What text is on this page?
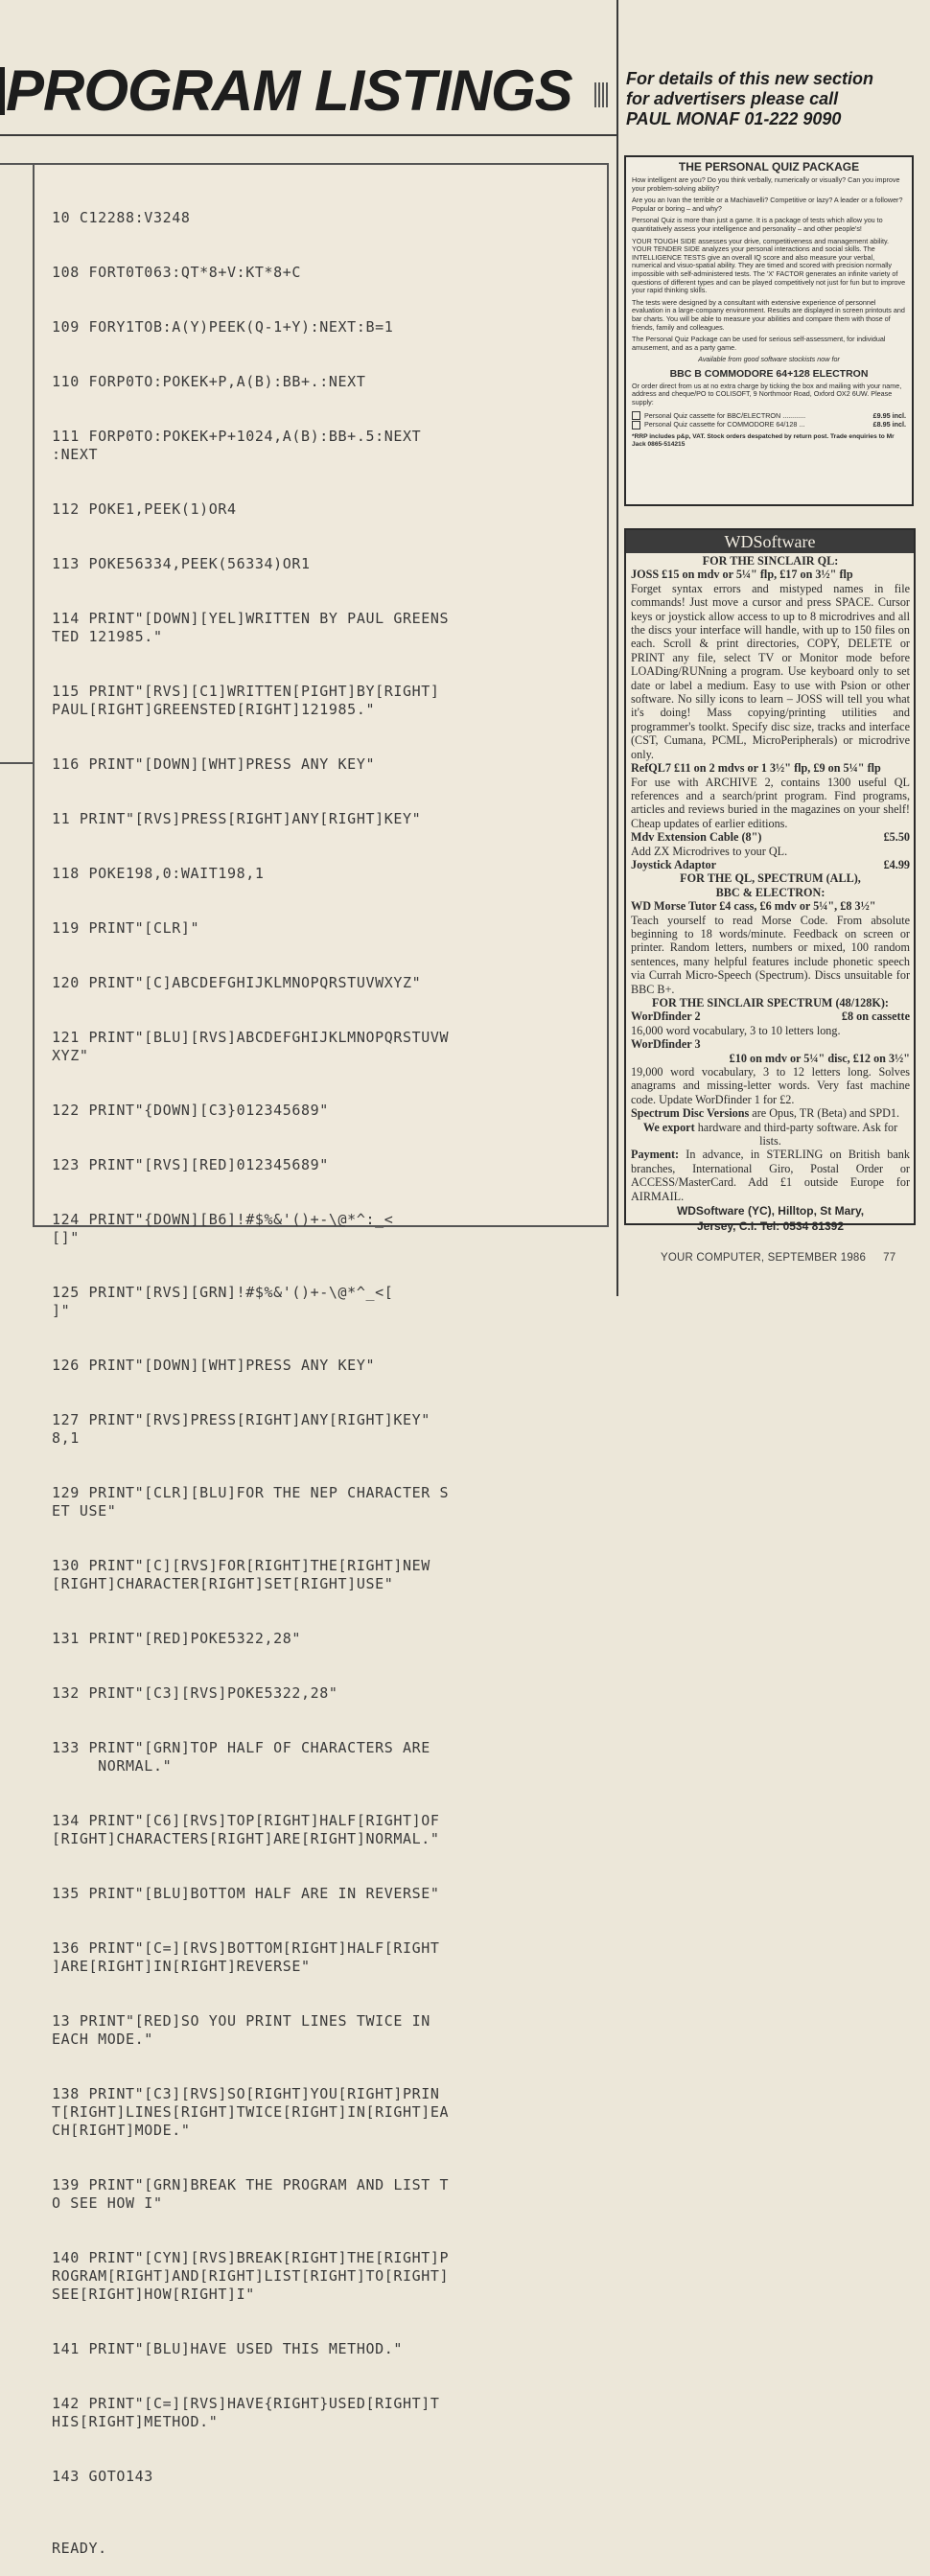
PROGRAM LISTINGS	For details of this new section
for advertisers please call
PAUL MONAF 01-222 9090

10 C12288:V3248

108 FORT0T063:QT*8+V:KT*8+C

109 FORY1TOB:A(Y)PEEK(Q-1+Y):NEXT:B=1

110 FORP0TO:POKEK+P,A(B):BB+.:NEXT

111 FORP0TO:POKEK+P+1024,A(B):BB+.5:NEXT
:NEXT

112 POKE1,PEEK(1)OR4

113 POKE56334,PEEK(56334)OR1

114 PRINT"[DOWN][YEL]WRITTEN BY PAUL GREENS
TED 121985."

115 PRINT"[RVS][C1]WRITTEN[PIGHT]BY[RIGHT]
PAUL[RIGHT]GREENSTED[RIGHT]121985."

116 PRINT"[DOWN][WHT]PRESS ANY KEY"

11 PRINT"[RVS]PRESS[RIGHT]ANY[RIGHT]KEY"

118 POKE198,0:WAIT198,1

119 PRINT"[CLR]"

120 PRINT"[C]ABCDEFGHIJKLMNOPQRSTUVWXYZ"

121 PRINT"[BLU][RVS]ABCDEFGHIJKLMNOPQRSTUVW
XYZ"

122 PRINT"{DOWN][C3}012345689"

123 PRINT"[RVS][RED]012345689"

124 PRINT"{DOWN][B6]!#$%&'()+-\@*^:_<
[]"

125 PRINT"[RVS][GRN]!#$%&'()+-\@*^_<[
]"

126 PRINT"[DOWN][WHT]PRESS ANY KEY"

127 PRINT"[RVS]PRESS[RIGHT]ANY[RIGHT]KEY"
8,1

129 PRINT"[CLR][BLU]FOR THE NEP CHARACTER S
ET USE"

130 PRINT"[C][RVS]FOR[RIGHT]THE[RIGHT]NEW
[RIGHT]CHARACTER[RIGHT]SET[RIGHT]USE"

131 PRINT"[RED]POKE5322,28"

132 PRINT"[C3][RVS]POKE5322,28"

133 PRINT"[GRN]TOP HALF OF CHARACTERS ARE
NORMAL."

134 PRINT"[C6][RVS]TOP[RIGHT]HALF[RIGHT]OF
[RIGHT]CHARACTERS[RIGHT]ARE[RIGHT]NORMAL."

135 PRINT"[BLU]BOTTOM HALF ARE IN REVERSE"

136 PRINT"[C=][RVS]BOTTOM[RIGHT]HALF[RIGHT
]ARE[RIGHT]IN[RIGHT]REVERSE"

13 PRINT"[RED]SO YOU PRINT LINES TWICE IN
EACH MODE."

138 PRINT"[C3][RVS]SO[RIGHT]YOU[RIGHT]PRIN
T[RIGHT]LINES[RIGHT]TWICE[RIGHT]IN[RIGHT]EA
CH[RIGHT]MODE."

139 PRINT"[GRN]BREAK THE PROGRAM AND LIST T
O SEE HOW I"

140 PRINT"[CYN][RVS]BREAK[RIGHT]THE[RIGHT]P
ROGRAM[RIGHT]AND[RIGHT]LIST[RIGHT]TO[RIGHT]
SEE[RIGHT]HOW[RIGHT]I"

141 PRINT"[BLU]HAVE USED THIS METHOD."

142 PRINT"[C=][RVS]HAVE{RIGHT}USED[RIGHT]T
HIS[RIGHT]METHOD."

143 GOTO143

READY.

THE PERSONAL QUIZ PACKAGE

How intelligent are you? Do you think verbally, numerically or visually? Can you improve your problem-solving ability?

Are you an Ivan the terrible or a Machiavelli? Competitive or lazy? A leader or a follower? Popular or boring – and why?

Personal Quiz is more than just a game. It is a package of tests which allow you to quantitatively assess your intelligence and personality – and other people's!

YOUR TOUGH SIDE assesses your drive, competitiveness and management ability. YOUR TENDER SIDE analyzes your personal interactions and social skills. The INTELLIGENCE TESTS give an overall IQ score and also measure your verbal, numerical and visuo-spatial ability. They are timed and scored with precision normally impossible with self-administered tests. The 'X' FACTOR generates an infinite variety of questions of different types and can be played competitively not just for fun but to improve your rapid thinking skills.

The tests were designed by a consultant with extensive experience of personnel evaluation in a large-company environment. Results are displayed in screen printouts and bar charts. You will be able to measure your abilities and compare them with those of friends, family and colleagues.

The Personal Quiz Package can be used for serious self-assessment, for individual amusement, and as a party game.

Available from good software stockists now for

BBC B COMMODORE 64+128 ELECTRON

Or order direct from us at no extra charge by ticking the box and mailing with your name, address and cheque/PO to COLISOFT, 9 Northmoor Road, Oxford OX2 6UW. Please supply:

Personal Quiz cassette for BBC/ELECTRON ............	£9.95 incl.
Personal Quiz cassette for COMMODORE 64/128 ...	£8.95 incl.
*RRP includes p&p, VAT. Stock orders despatched by return post. Trade enquiries to Mr Jack 0865-514215
WDSoftware
FOR THE SINCLAIR QL:
JOSS £15 on mdv or 5¼" flp, £17 on 3½" flp
Forget syntax errors and mistyped names in file commands! Just move a cursor and press SPACE. Cursor keys or joystick allow access to up to 8 microdrives and all the discs your interface will handle, with up to 150 files on each. Scroll & print directories, COPY, DELETE or PRINT any file, select TV or Monitor mode before LOADing/RUNning a program. Use keyboard only to set date or label a medium. Easy to use with Psion or other software. No silly icons to learn – JOSS will tell you what it's doing! Mass copying/printing utilities and programmer's toolkt. Specify disc size, tracks and interface (CST, Cumana, PCML, MicroPeripherals) or microdrive only.
RefQL7 £11 on 2 mdvs or 1 3½" flp, £9 on 5¼" flp
For use with ARCHIVE 2, contains 1300 useful QL references and a search/print program. Find programs, articles and reviews buried in the magazines on your shelf! Cheap updates of earlier editions.
Mdv Extension Cable (8")	£5.50
Add ZX Microdrives to your QL.
Joystick Adaptor	£4.99
FOR THE QL, SPECTRUM (ALL),
BBC & ELECTRON:
WD Morse Tutor £4 cass, £6 mdv or 5¼", £8 3½"
Teach yourself to read Morse Code. From absolute beginning to 18 words/minute. Feedback on screen or printer. Random letters, numbers or mixed, 100 random sentences, many helpful features include phonetic speech via Currah Micro-Speech (Spectrum). Discs unsuitable for BBC B+.
FOR THE SINCLAIR SPECTRUM (48/128K):
WorDfinder 2	£8 on cassette
16,000 word vocabulary, 3 to 10 letters long.
WorDfinder 3
£10 on mdv or 5¼" disc, £12 on 3½"
19,000 word vocabulary, 3 to 12 letters long. Solves anagrams and missing-letter words. Very fast machine code. Update WorDfinder 1 for £2.
Spectrum Disc Versions are Opus, TR (Beta) and SPD1.
We export hardware and third-party software. Ask for lists.
Payment: In advance, in STERLING on British bank branches, International Giro, Postal Order or ACCESS/MasterCard. Add £1 outside Europe for AIRMAIL.
WDSoftware (YC), Hilltop, St Mary,
Jersey, C.I. Tel: 0534 81392
YOUR COMPUTER, SEPTEMBER 1986 77
